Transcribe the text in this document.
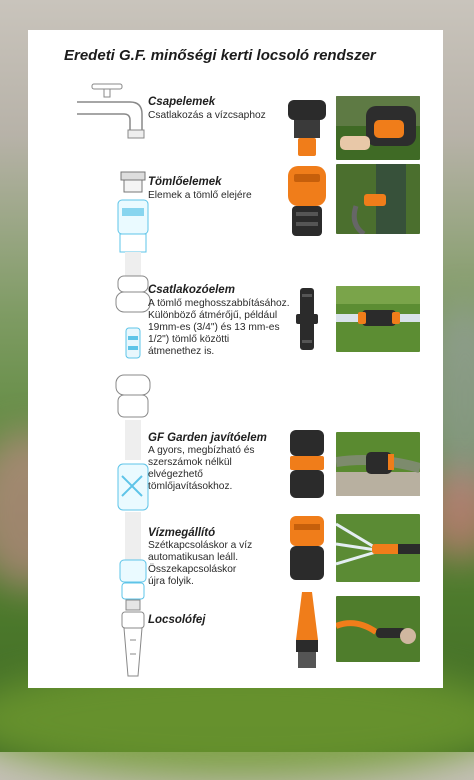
Eredeti G.F. minőségi kerti locsoló rendszer
Csapelemek
Csatlakozás a vízcsaphoz
Tömlőelemek
Elemek a tömlő elejére
Csatlakozóelem
A tömlő meghosszabbításához.
Különböző átmérőjű, például
19mm-es (3/4") és 13 mm-es
1/2") tömlő közötti
átmenethez is.
GF Garden javítóelem
A gyors, megbízható és
szerszámok nélkül
elvégezhető
tömlőjavításokhoz.
Vízmegállító
Szétkapcsoláskor a víz
automatikusan leáll.
Összekapcsoláskor
újra folyik.
Locsolófej
